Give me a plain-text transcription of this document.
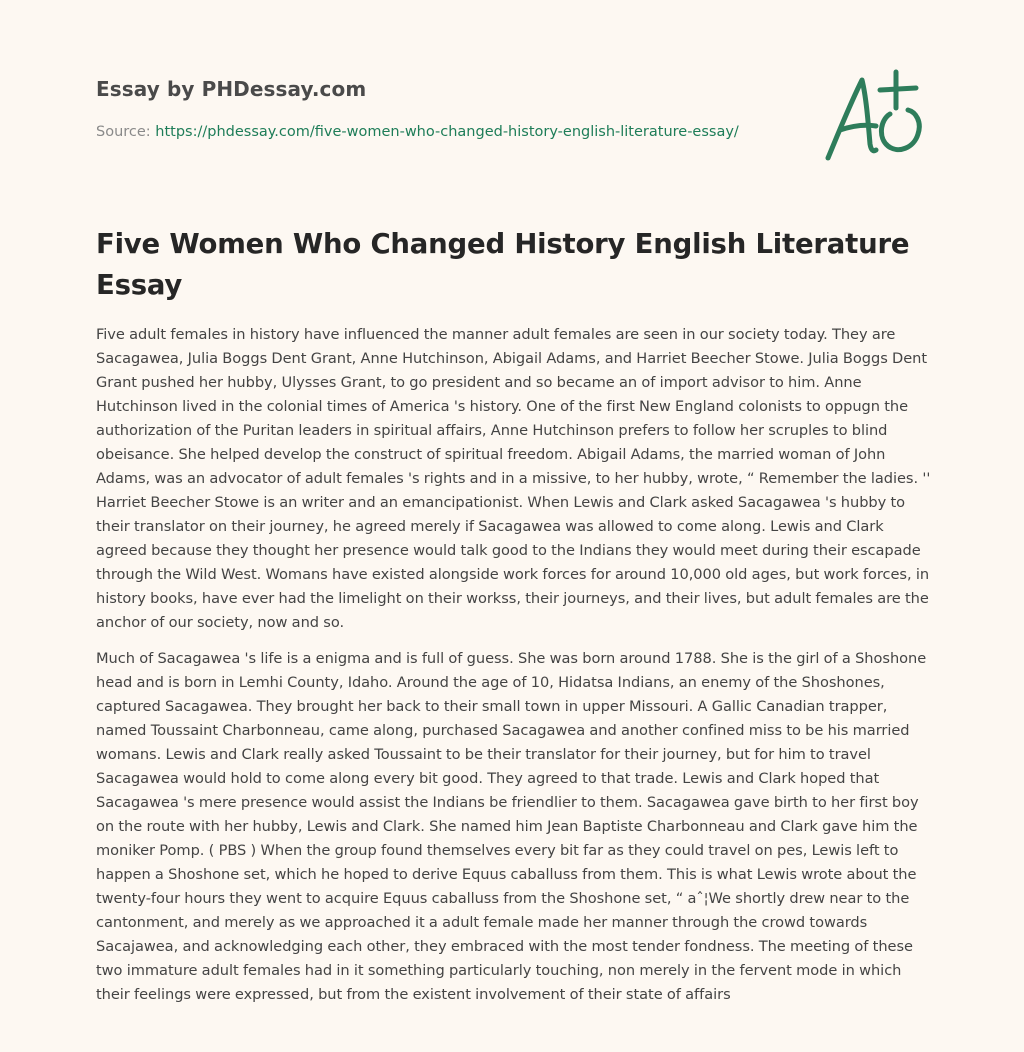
Essay by PHDessay.com
Source: https://phdessay.com/five-women-who-changed-history-english-literature-essay/
Five Women Who Changed History English Literature Essay

Five adult females in history have influenced the manner adult females are seen in our society today. They are Sacagawea, Julia Boggs Dent Grant, Anne Hutchinson, Abigail Adams, and Harriet Beecher Stowe. Julia Boggs Dent Grant pushed her hubby, Ulysses Grant, to go president and so became an of import advisor to him. Anne Hutchinson lived in the colonial times of America 's history. One of the first New England colonists to oppugn the authorization of the Puritan leaders in spiritual affairs, Anne Hutchinson prefers to follow her scruples to blind obeisance. She helped develop the construct of spiritual freedom. Abigail Adams, the married woman of John Adams, was an advocator of adult females 's rights and in a missive, to her hubby, wrote, “ Remember the ladies. '' Harriet Beecher Stowe is an writer and an emancipationist. When Lewis and Clark asked Sacagawea 's hubby to their translator on their journey, he agreed merely if Sacagawea was allowed to come along. Lewis and Clark agreed because they thought her presence would talk good to the Indians they would meet during their escapade through the Wild West. Womans have existed alongside work forces for around 10,000 old ages, but work forces, in history books, have ever had the limelight on their workss, their journeys, and their lives, but adult females are the anchor of our society, now and so.

Much of Sacagawea 's life is a enigma and is full of guess. She was born around 1788. She is the girl of a Shoshone head and is born in Lemhi County, Idaho. Around the age of 10, Hidatsa Indians, an enemy of the Shoshones, captured Sacagawea. They brought her back to their small town in upper Missouri. A Gallic Canadian trapper, named Toussaint Charbonneau, came along, purchased Sacagawea and another confined miss to be his married womans. Lewis and Clark really asked Toussaint to be their translator for their journey, but for him to travel Sacagawea would hold to come along every bit good. They agreed to that trade. Lewis and Clark hoped that Sacagawea 's mere presence would assist the Indians be friendlier to them. Sacagawea gave birth to her first boy on the route with her hubby, Lewis and Clark. She named him Jean Baptiste Charbonneau and Clark gave him the moniker Pomp. ( PBS ) When the group found themselves every bit far as they could travel on pes, Lewis left to happen a Shoshone set, which he hoped to derive Equus caballuss from them. This is what Lewis wrote about the twenty-four hours they went to acquire Equus caballuss from the Shoshone set, “ aˆ¦We shortly drew near to the cantonment, and merely as we approached it a adult female made her manner through the crowd towards Sacajawea, and acknowledging each other, they embraced with the most tender fondness. The meeting of these two immature adult females had in it something particularly touching, non merely in the fervent mode in which their feelings were expressed, but from the existent involvement of their state of affairs
